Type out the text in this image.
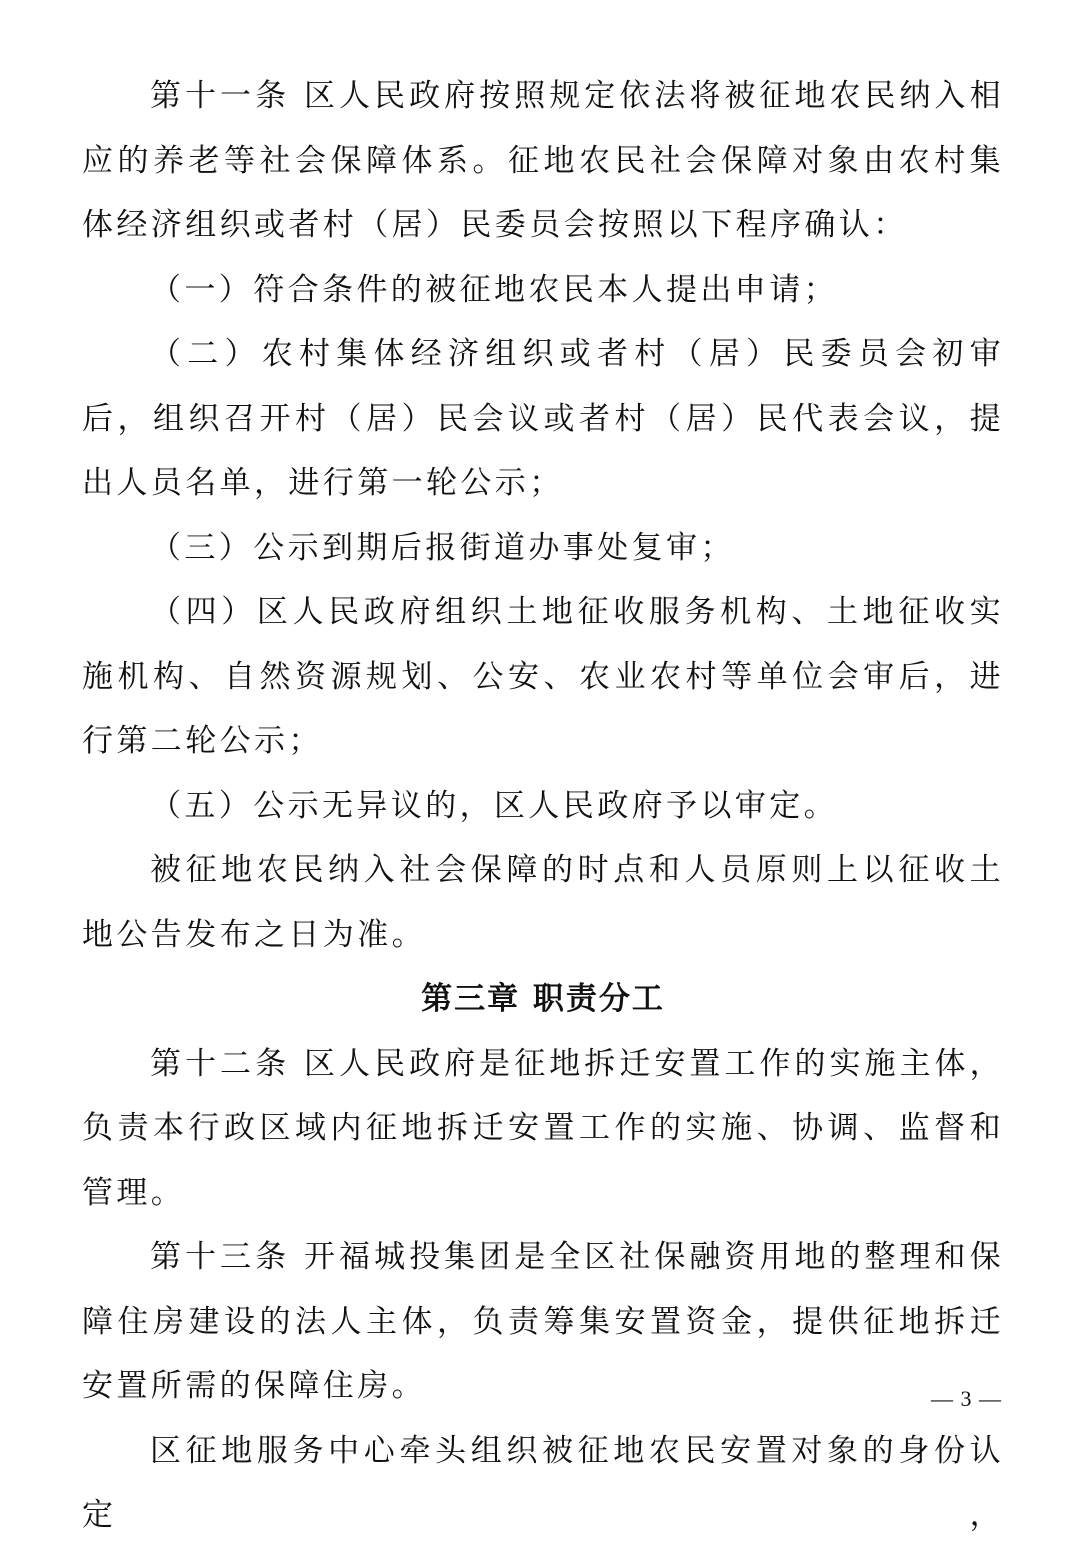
第十一条 区人民政府按照规定依法将被征地农民纳入相应的养老等社会保障体系。征地农民社会保障对象由农村集体经济组织或者村（居）民委员会按照以下程序确认：

（一）符合条件的被征地农民本人提出申请；

（二）农村集体经济组织或者村（居）民委员会初审后，组织召开村（居）民会议或者村（居）民代表会议，提出人员名单，进行第一轮公示；

（三）公示到期后报街道办事处复审；

（四）区人民政府组织土地征收服务机构、土地征收实施机构、自然资源规划、公安、农业农村等单位会审后，进行第二轮公示；

（五）公示无异议的，区人民政府予以审定。

被征地农民纳入社会保障的时点和人员原则上以征收土地公告发布之日为准。

第三章 职责分工

第十二条 区人民政府是征地拆迁安置工作的实施主体，负责本行政区域内征地拆迁安置工作的实施、协调、监督和管理。

第十三条 开福城投集团是全区社保融资用地的整理和保障住房建设的法人主体，负责筹集安置资金，提供征地拆迁安置所需的保障住房。

区征地服务中心牵头组织被征地农民安置对象的身份认定，

— 3 —
